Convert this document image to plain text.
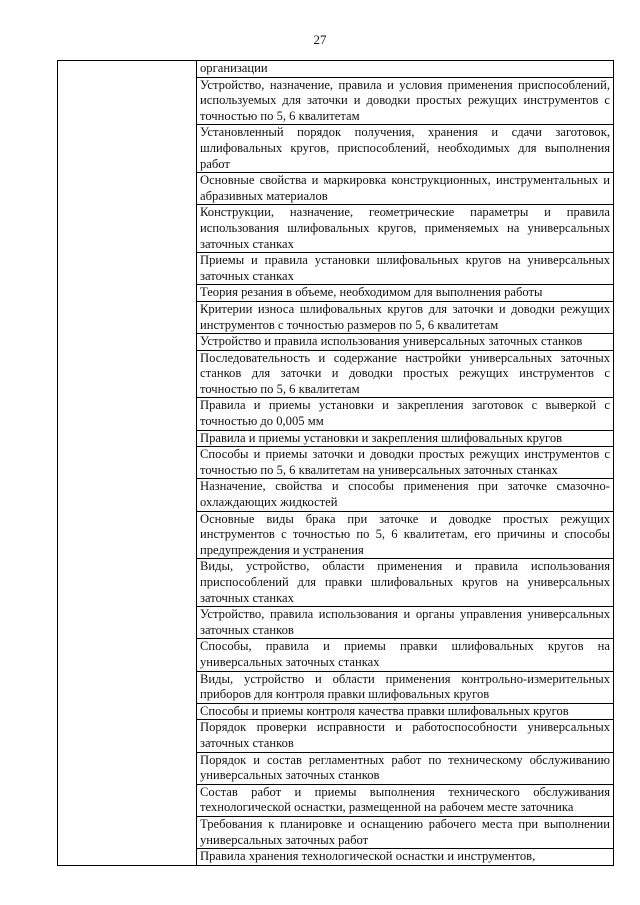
27

организации

Устройство, назначение, правила и условия применения приспособлений, используемых для заточки и доводки простых режущих инструментов с точностью по 5, 6 квалитетам

Установленный порядок получения, хранения и сдачи заготовок, шлифовальных кругов, приспособлений, необходимых для выполнения работ

Основные свойства и маркировка конструкционных, инструментальных и абразивных материалов

Конструкции, назначение, геометрические параметры и правила использования шлифовальных кругов, применяемых на универсальных заточных станках

Приемы и правила установки шлифовальных кругов на универсальных заточных станках

Теория резания в объеме, необходимом для выполнения работы

Критерии износа шлифовальных кругов для заточки и доводки режущих инструментов с точностью размеров по 5, 6 квалитетам

Устройство и правила использования универсальных заточных станков

Последовательность и содержание настройки универсальных заточных станков для заточки и доводки простых режущих инструментов с точностью по 5, 6 квалитетам

Правила и приемы установки и закрепления заготовок с выверкой с точностью до 0,005 мм

Правила и приемы установки и закрепления шлифовальных кругов

Способы и приемы заточки и доводки простых режущих инструментов с точностью по 5, 6 квалитетам на универсальных заточных станках

Назначение, свойства и способы применения при заточке смазочно-охлаждающих жидкостей

Основные виды брака при заточке и доводке простых режущих инструментов с точностью по 5, 6 квалитетам, его причины и способы предупреждения и устранения

Виды, устройство, области применения и правила использования приспособлений для правки шлифовальных кругов на универсальных заточных станках

Устройство, правила использования и органы управления универсальных заточных станков

Способы, правила и приемы правки шлифовальных кругов на универсальных заточных станках

Виды, устройство и области применения контрольно-измерительных приборов для контроля правки шлифовальных кругов

Способы и приемы контроля качества правки шлифовальных кругов

Порядок проверки исправности и работоспособности универсальных заточных станков

Порядок и состав регламентных работ по техническому обслуживанию универсальных заточных станков

Состав работ и приемы выполнения технического обслуживания технологической оснастки, размещенной на рабочем месте заточника

Требования к планировке и оснащению рабочего места при выполнении универсальных заточных работ

Правила хранения технологической оснастки и инструментов,
